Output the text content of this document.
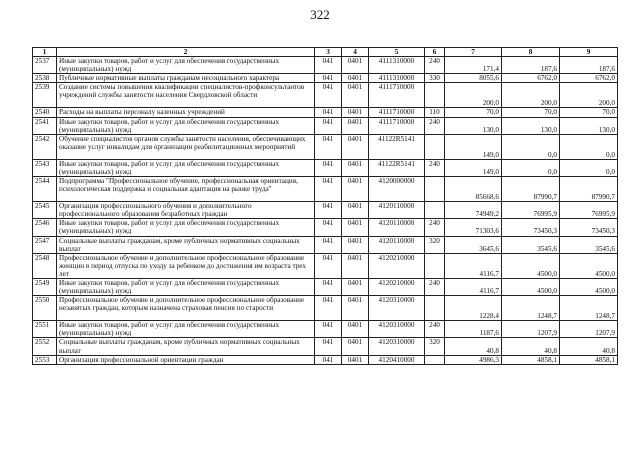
322
1	2	3	4	5	6	7	8	9
2537	Иные закупки товаров, работ и услуг для обеспечения государственных (муниципальных) нужд	041	0401	4111310000	240	171,4	187,6	187,6
2538	Публичные нормативные выплаты гражданам несоциального характера	041	0401	4111310000	330	8055,6	6762,0	6762,0
2539	Создание системы повышения квалификации специалистов-профконсультантов учреждений службы занятости населения Свердловской области	041	0401	4111710000		200,0	200,0	200,0
2540	Расходы на выплаты персоналу казенных учреждений	041	0401	4111710000	110	70,0	70,0	70,0
2541	Иные закупки товаров, работ и услуг для обеспечения государственных (муниципальных) нужд	041	0401	4111710000	240	130,0	130,0	130,0
2542	Обучение специалистов органов службы занятости населения, обеспечивающих оказание услуг инвалидам для организации реабилитационных мероприятий	041	0401	41122R5141		149,0	0,0	0,0
2543	Иные закупки товаров, работ и услуг для обеспечения государственных (муниципальных) нужд	041	0401	41122R5141	240	149,0	0,0	0,0
2544	Подпрограмма "Профессиональное обучение, профессиональная ориентация, психологическая поддержка и социальная адаптация на рынке труда"	041	0401	4120000000		85668,6	87990,7	87990,7
2545	Организация профессионального обучения и дополнительного профессионального образования безработных граждан	041	0401	4120110000		74949,2	76995,9	76995,9
2546	Иные закупки товаров, работ и услуг для обеспечения государственных (муниципальных) нужд	041	0401	4120110000	240	71303,6	73450,3	73450,3
2547	Социальные выплаты гражданам, кроме публичных нормативных социальных выплат	041	0401	4120110000	320	3645,6	3545,6	3545,6
2548	Профессиональное обучение и дополнительное профессиональное образование женщин в период отпуска по уходу за ребенком до достижения им возраста трех лет	041	0401	4120210000		4116,7	4500,0	4500,0
2549	Иные закупки товаров, работ и услуг для обеспечения государственных (муниципальных) нужд	041	0401	4120210000	240	4116,7	4500,0	4500,0
2550	Профессиональное обучение и дополнительное профессиональное образование незанятых граждан, которым назначена страховая пенсия по старости	041	0401	4120310000		1228,4	1248,7	1248,7
2551	Иные закупки товаров, работ и услуг для обеспечения государственных (муниципальных) нужд	041	0401	4120310000	240	1187,6	1207,9	1207,9
2552	Социальные выплаты гражданам, кроме публичных нормативных социальных выплат	041	0401	4120310000	320	40,8	40,8	40,8
2553	Организация профессиональной ориентации граждан	041	0401	4120410000		4986,3	4858,1	4858,1
